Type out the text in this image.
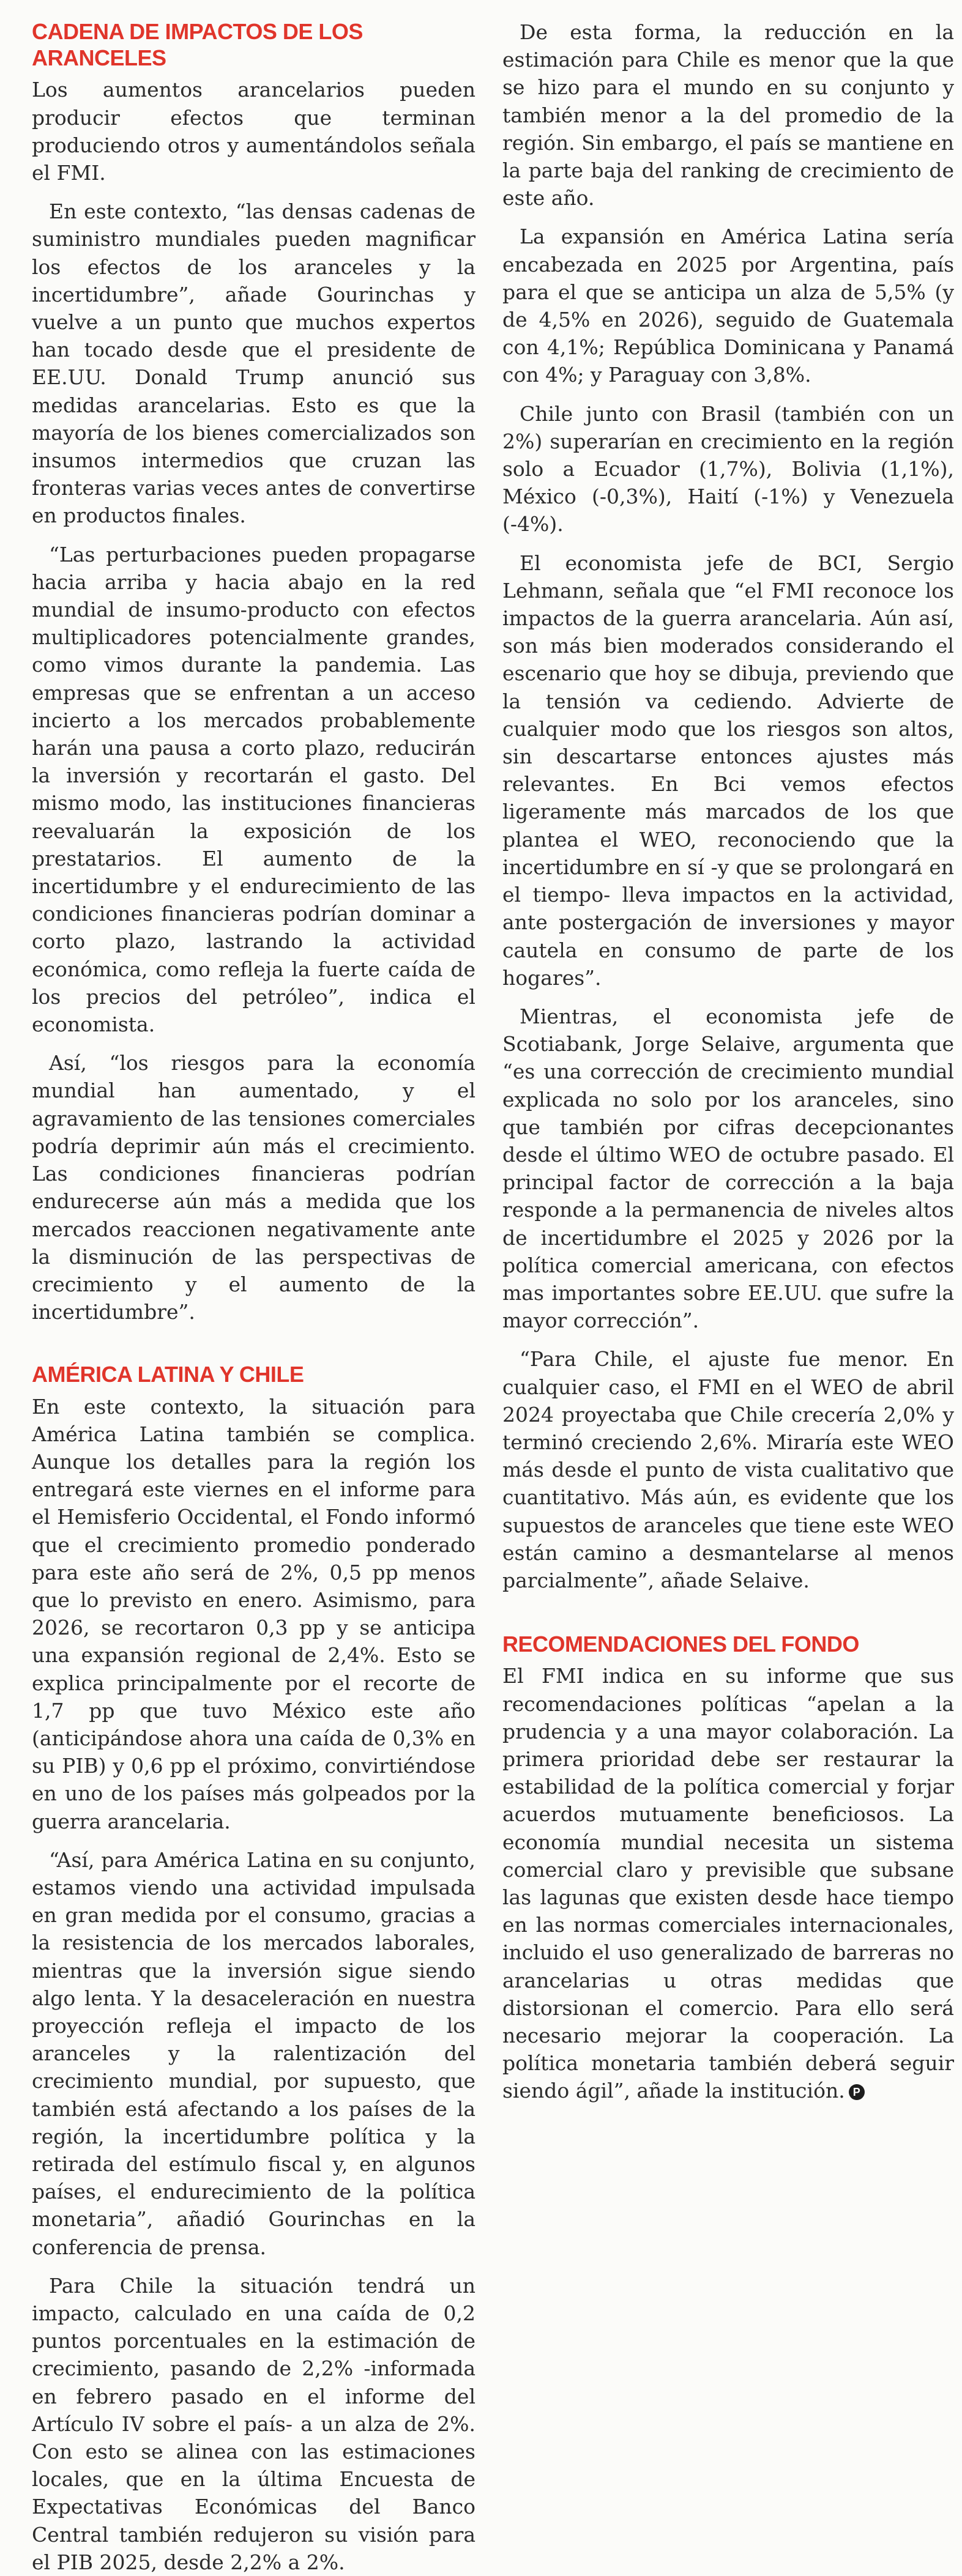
CADENA DE IMPACTOS DE LOS ARANCELES

Los aumentos arancelarios pueden producir efectos que terminan produciendo otros y aumentándolos señala el FMI.

En este contexto, “las densas cadenas de suministro mundiales pueden magnificar los efectos de los aranceles y la incertidumbre”, añade Gourinchas y vuelve a un punto que muchos expertos han tocado desde que el presidente de EE.UU. Donald Trump anunció sus medidas arancelarias. Esto es que la mayoría de los bienes comercializados son insumos intermedios que cruzan las fronteras varias veces antes de convertirse en productos finales.

“Las perturbaciones pueden propagarse hacia arriba y hacia abajo en la red mundial de insumo-producto con efectos multiplicadores potencialmente grandes, como vimos durante la pandemia. Las empresas que se enfrentan a un acceso incierto a los mercados probablemente harán una pausa a corto plazo, reducirán la inversión y recortarán el gasto. Del mismo modo, las instituciones financieras reevaluarán la exposición de los prestatarios. El aumento de la incertidumbre y el endurecimiento de las condiciones financieras podrían dominar a corto plazo, lastrando la actividad económica, como refleja la fuerte caída de los precios del petróleo”, indica el economista.

Así, “los riesgos para la economía mundial han aumentado, y el agravamiento de las tensiones comerciales podría deprimir aún más el crecimiento. Las condiciones financieras podrían endurecerse aún más a medida que los mercados reaccionen negativamente ante la disminución de las perspectivas de crecimiento y el aumento de la incertidumbre”.

AMÉRICA LATINA Y CHILE

En este contexto, la situación para América Latina también se complica. Aunque los detalles para la región los entregará este viernes en el informe para el Hemisferio Occidental, el Fondo informó que el crecimiento promedio ponderado para este año será de 2%, 0,5 pp menos que lo previsto en enero. Asimismo, para 2026, se recortaron 0,3 pp y se anticipa una expansión regional de 2,4%. Esto se explica principalmente por el recorte de 1,7 pp que tuvo México este año (anticipándose ahora una caída de 0,3% en su PIB) y 0,6 pp el próximo, convirtiéndose en uno de los países más golpeados por la guerra arancelaria.

“Así, para América Latina en su conjunto, estamos viendo una actividad impulsada en gran medida por el consumo, gracias a la resistencia de los mercados laborales, mientras que la inversión sigue siendo algo lenta. Y la desaceleración en nuestra proyección refleja el impacto de los aranceles y la ralentización del crecimiento mundial, por supuesto, que también está afectando a los países de la región, la incertidumbre política y la retirada del estímulo fiscal y, en algunos países, el endurecimiento de la política monetaria”, añadió Gourinchas en la conferencia de prensa.

Para Chile la situación tendrá un impacto, calculado en una caída de 0,2 puntos porcentuales en la estimación de crecimiento, pasando de 2,2% -informada en febrero pasado en el informe del Artículo IV sobre el país- a un alza de 2%. Con esto se alinea con las estimaciones locales, que en la última Encuesta de Expectativas Económicas del Banco Central también redujeron su visión para el PIB 2025, desde 2,2% a 2%.

De esta forma, la reducción en la estimación para Chile es menor que la que se hizo para el mundo en su conjunto y también menor a la del promedio de la región. Sin embargo, el país se mantiene en la parte baja del ranking de crecimiento de este año.

La expansión en América Latina sería encabezada en 2025 por Argentina, país para el que se anticipa un alza de 5,5% (y de 4,5% en 2026), seguido de Guatemala con 4,1%; República Dominicana y Panamá con 4%; y Paraguay con 3,8%.

Chile junto con Brasil (también con un 2%) superarían en crecimiento en la región solo a Ecuador (1,7%), Bolivia (1,1%), México (-0,3%), Haití (-1%) y Venezuela (-4%).

El economista jefe de BCI, Sergio Lehmann, señala que “el FMI reconoce los impactos de la guerra arancelaria. Aún así, son más bien moderados considerando el escenario que hoy se dibuja, previendo que la tensión va cediendo. Advierte de cualquier modo que los riesgos son altos, sin descartarse entonces ajustes más relevantes. En Bci vemos efectos ligeramente más marcados de los que plantea el WEO, reconociendo que la incertidumbre en sí -y que se prolongará en el tiempo- lleva impactos en la actividad, ante postergación de inversiones y mayor cautela en consumo de parte de los hogares”.

Mientras, el economista jefe de Scotiabank, Jorge Selaive, argumenta que “es una corrección de crecimiento mundial explicada no solo por los aranceles, sino que también por cifras decepcionantes desde el último WEO de octubre pasado. El principal factor de corrección a la baja responde a la permanencia de niveles altos de incertidumbre el 2025 y 2026 por la política comercial americana, con efectos mas importantes sobre EE.UU. que sufre la mayor corrección”.

“Para Chile, el ajuste fue menor. En cualquier caso, el FMI en el WEO de abril 2024 proyectaba que Chile crecería 2,0% y terminó creciendo 2,6%. Miraría este WEO más desde el punto de vista cualitativo que cuantitativo. Más aún, es evidente que los supuestos de aranceles que tiene este WEO están camino a desmantelarse al menos parcialmente”, añade Selaive.

RECOMENDACIONES DEL FONDO

El FMI indica en su informe que sus recomendaciones políticas “apelan a la prudencia y a una mayor colaboración. La primera prioridad debe ser restaurar la estabilidad de la política comercial y forjar acuerdos mutuamente beneficiosos. La economía mundial necesita un sistema comercial claro y previsible que subsane las lagunas que existen desde hace tiempo en las normas comerciales internacionales, incluido el uso generalizado de barreras no arancelarias u otras medidas que distorsionan el comercio. Para ello será necesario mejorar la cooperación. La política monetaria también deberá seguir siendo ágil”, añade la institución. P
